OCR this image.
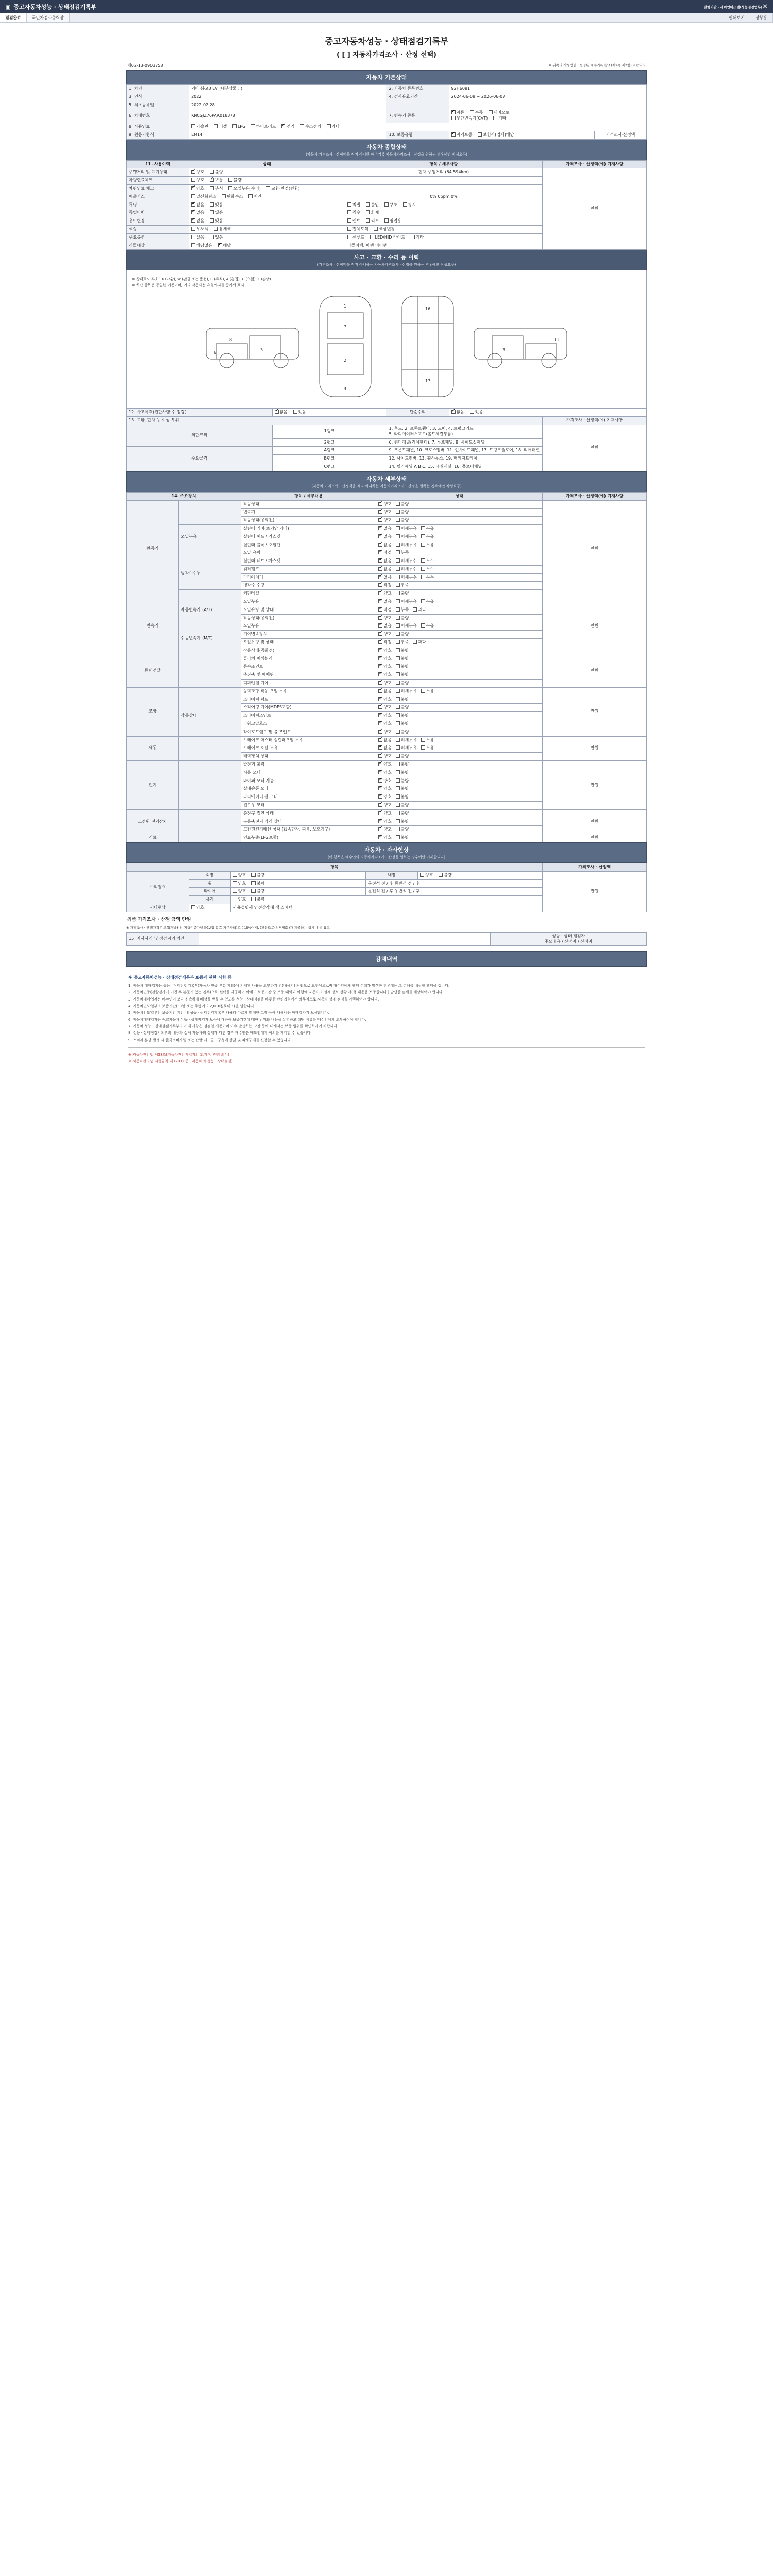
▣ 중고자동차성능 · 상태점검기록부	발행기관 · 사이언비즈템(성능점검업무) ✕
점검완료	국민차검사출력장	인쇄보기	장부용
중고자동차성능 · 상태점검기록부
( [ ] 자동차가격조사 · 산정 선택)
제02-13-0903758	※ 뒤쪽의 작성방법 · 선정된 매수기록 참조(제2쪽 제2항) 바랍니다
자동차 기본상태
1. 차명	기아 봉고3 EV (대부상물 : )	2. 자동차 등록번호	92H6081	
3. 연식	2022	4. 검사유효기간	2024-06-08 ~ 2026-06-07	
5. 최초등록일	2022.02.28			
6. 차대번호	KNCSJZ76PAK018378	7. 변속기 종류	✔자동 수동 세미오토
무단변속기(CVT) 기타
8. 사용연료	가솔린 디젤 LPG 하이브리드 ✔ 전기 수소전기 기타
9. 원동기형식	EM14	10. 보증유형	✔자기보증 보험사(업체)해당	가격조사·산정액
자동차 종합상태
(자동차 가격조사 · 산정액을 적지 아니한 매수기록 자동차가격조사 · 산정을 원하는 경우에만 작성요구)
11. 사용이력	상태	항목 / 세부사항	가격조사 · 산정액(예) 기재사항
주행거리 및 계기상태	✔양호 불량	현재 주행거리 (64,594km)	만원
차량연료체크	양호 ✔ 보통 불량	
차량연료 체크	✔양호 부식 오일누유(수리) 교환·변경(변환)
배출가스	일산화탄소 탄화수소 매연	0% 0ppm 0%	
튜닝	✔없음 있음	적법 불법 구조 장치	
특별이력	✔없음 있음	침수 화재	
용도변경	✔없음 있음	렌트 리스 영업용	
색상	무채색 유채색	전체도색 색상변경	
주요옵션	없음 있음	선루프 LED/HID 라이트 기타	
리콜대상	해당없음 ✔ 해당	리콜이행: 이행 미이행	
사고 · 교환 · 수리 등 이력
(가격조사 · 산정액을 적지 아니하는 자동차가격조사 · 산정을 원하는 경우에만 작성요구)
※ 상태표시 부호 : X (교환), W (판금 또는 용접), C (부식), A (흠집), U (요철), T (손상)
※ 하단 항목은 동일한 기준이며, 기타 작동되는 유형까지를 중에서 표시
8
3
6
1
7
2
4
16
17
11
3
12. 사고이력(진단사항 수 점검)	✔없음 있음	단순수리	✔없음 있음
13. 교환, 현재 등 이상 부위				가격조사 · 산정액(예) 기재사항
외판부위	1랭크	1. 후드, 2. 프론트휀더, 3. 도어, 4. 트렁크리드
5. 라디에이터서포트(볼트체결부품)		만원
	2랭크	6. 쿼터패널(리어휀더), 7. 루프패널, 8. 사이드실패널		
주요골격	A랭크	9. 프론트패널, 10. 크로스멤버, 11. 인사이드패널, 17. 트렁크플로어, 18. 리어패널		
	B랭크	12. 사이드멤버, 13. 휠하우스, 19. 패키지트레이		
	C랭크	14. 필러패널 A B C, 15. 대쉬패널, 16. 플로어패널		
자동차 세부상태
(자동차 가격조사 · 산정액을 적지 아니하는 자동차가격조사 · 산정을 원하는 경우에만 작성요구)
14. 주요장치		항목 / 세부내용	상태	가격조사 · 산정액(예) 기재사항
원동기		작동상태	✔양호 불량	만원
		변속기	✔양호 불량
		작동상태(공회전)	✔양호 불량
	오일누유	실린더 커버(로커암 커버)	✔없음 미세누유 누유
		실린더 헤드 / 가스켓	✔없음 미세누유 누유
		실린더 블록 / 오일팬	✔없음 미세누유 누유
		오일 유량	✔적정 부족
	냉각수수누	실린더 헤드 / 가스켓	✔없음 미세누수 누수
		워터펌프	✔없음 미세누수 누수
		라디에이터	✔없음 미세누수 누수
		냉각수 수량	✔적정 부족
		커먼레일	✔양호 불량
변속기	자동변속기 (A/T)	오일누유	✔없음 미세누유 누유	만원
		오일유량 및 상태	✔적정 부족 과다
		작동상태(공회전)	✔양호 불량
	수동변속기 (M/T)	오일누유	✔없음 미세누유 누유
		기어변속장치	✔양호 불량
		오일유량 및 상태	✔적정 부족 과다
		작동상태(공회전)	✔양호 불량
동력전달		클러치 어셈블리	✔양호 불량	만원
		등속조인트	✔양호 불량
		추진축 및 베어링	✔양호 불량
		디퍼렌셜 기어	✔양호 불량
조향		동력조향 작동 오일 누유	✔없음 미세누유 누유	만원
	작동상태	스티어링 펌프	✔양호 불량
		스티어링 기어(MDPS포함)	✔양호 불량
		스티어링조인트	✔양호 불량
		파워고압호스	✔양호 불량
		타이로드엔드 및 볼 조인트	✔양호 불량
제동		브레이크 마스터 실린더오일 누유	✔없음 미세누유 누유	만원
		브레이크 오일 누유	✔없음 미세누유 누유
		배력장치 상태	✔양호 불량
전기		발전기 출력	✔양호 불량	만원
		시동 모터	✔양호 불량
		와이퍼 모터 기능	✔양호 불량
		실내송풍 모터	✔양호 불량
		라디에이터 팬 모터	✔양호 불량
		윈도우 모터	✔양호 불량
고전원 전기장치		충전구 절연 상태	✔양호 불량	만원
		구동축전지 격리 상태	✔양호 불량
		고전원전기배선 상태 (접속단자, 피복, 보호기구)	✔양호 불량
연료		연료누출(LPG포함)	✔양호 불량	만원
자동차 · 자사현상
(이 항목은 매수인의 자동차가격조사 · 산정을 원하는 경우에만 기재합니다)
항목					가격조사 · 산정액
수리필요	외장	양호 불량	내장	양호 불량	만원
	휠	양호 불량	운전석 전 / 후 동반석 전 / 후		
	타이어	양호 불량	운전석 전 / 후 동반석 전 / 후		
	유리	양호 불량			
기타현상	양호	사용설명서 안전삼각대 잭 스패너			
최종 가격조사 · 산정 금액 만원
※ 가격조사 · 산정가격은 보험개발원의 차량기준가액을(보험 유효 기준가격)로 ( 15%이내, )환산으로(인당협회)가 제공하는 상세 내용 참고
15. 자사사양 및 점검자의 의견		성능 · 상태 점검자
주요내용 / 산정자 / 산정자
감채내역
※ 중고자동차성능 · 상태점검기록부 보증에 관한 사항 등

1. 자동차 매매업자는 성능 · 상태점검기록부(자동차 인증 부분 제외)에 기재된 내용을 교부하기 위(내용기) 거짓으로 교부됨으로써 매수인에게 책임 손해가 발생한 경우에는 그 손해를 배상할 책임을 집니다.

2. 자동차인증(관람경사기 거친 후 본문기 있는 경우)으로 선택을 제공하여 이에도 보증기간 중 보증 내역과 이행에 자동차의 실제 정보 상황 시(행 내용을 보증합니다.) 발생한 손해를 배상하여야 합니다.

3. 자동차매매업자는 매수인이 보다 신속하게 배상을 받을 수 있도록 성능 · 상태점검을 비롯한 관련법령에서 의무적으로 자동차 상태 점검을 이행하여야 합니다.

4. 자동차인도일부터 보증기간(30일 또는 주행거리 2,000킬로미터)을 말합니다.

5. 자동차인도일부터 보증기간 기간 내 성능 · 상태점검기록부 내용과 다르게 발생한 고장 등에 대해서는 매매업자가 보상합니다.

6. 자동차매매업자는 중고자동차 성능 · 상태점검자 보증에 대하여 보증기간에 대한 범위와 내용을 설명하고 해당 서류를 매수인에게 교부하여야 합니다.

7. 자동차 성능 · 상태점검기록부의 기재 사항은 점검일 기준이며 이후 발생하는 고장 등에 대해서는 보증 범위를 확인하시기 바랍니다.

8. 성능 · 상태점검기록부의 내용과 실제 자동차의 상태가 다른 경우 매수인은 매도인에게 이의를 제기할 수 있습니다.

9. 소비자 분쟁 발생 시 한국소비자원 또는 관할 시 · 군 · 구청에 상담 및 피해구제를 신청할 수 있습니다.

※ 자동차관리법 제58조(자동차관리사업자의 고지 및 관리 의무)

※ 자동차관리법 시행규칙 제120조(중고자동차의 성능 · 상태점검)
